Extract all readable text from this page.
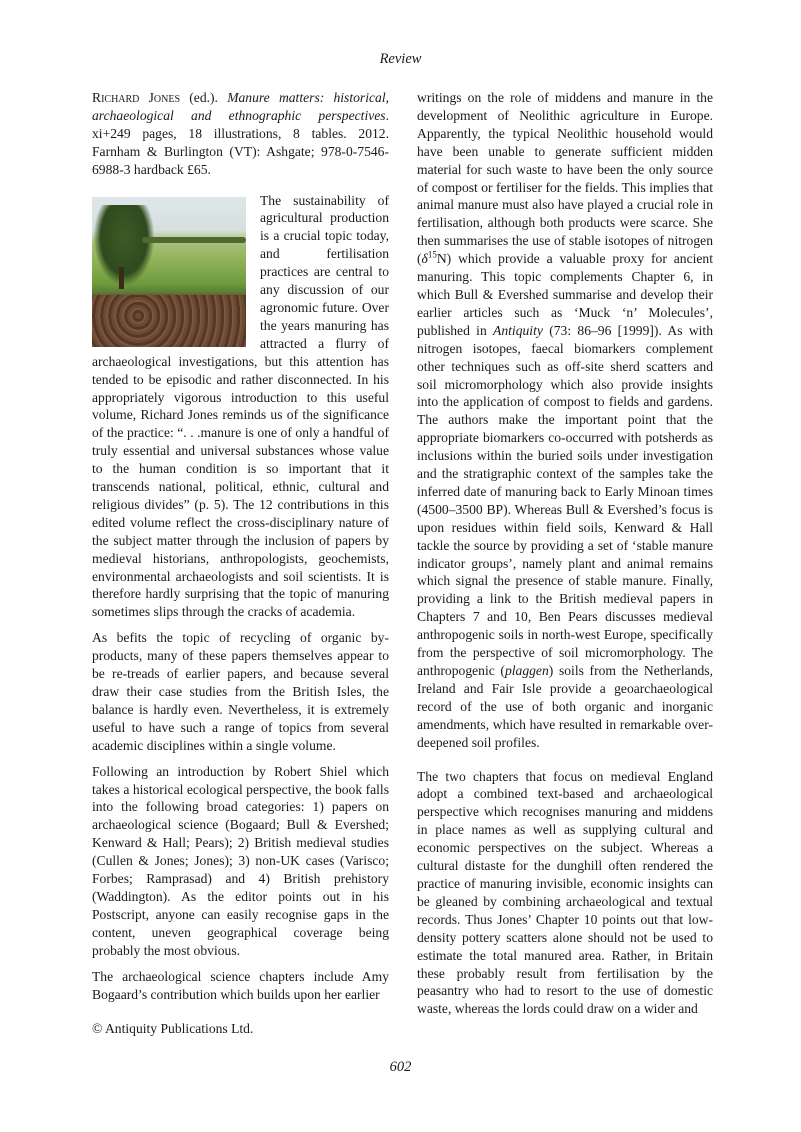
Review

Richard Jones (ed.). Manure matters: historical, archaeological and ethnographic perspectives. xi+249 pages, 18 illustrations, 8 tables. 2012. Farnham & Burlington (VT): Ashgate; 978-0-7546-6988-3 hardback £65.

The sustainability of agricultural production is a crucial topic today, and fertilisation practices are central to any discussion of our agronomic future. Over the years manuring has attracted a flurry of archaeological investigations, but this attention has tended to be episodic and rather disconnected. In his appropriately vigorous introduction to this useful volume, Richard Jones reminds us of the significance of the practice: “. . .manure is one of only a handful of truly essential and universal substances whose value to the human condition is so important that it transcends national, political, ethnic, cultural and religious divides” (p. 5). The 12 contributions in this edited volume reflect the cross-disciplinary nature of the subject matter through the inclusion of papers by medieval historians, anthropologists, geochemists, environmental archaeologists and soil scientists. It is therefore hardly surprising that the topic of manuring sometimes slips through the cracks of academia.

As befits the topic of recycling of organic by-products, many of these papers themselves appear to be re-treads of earlier papers, and because several draw their case studies from the British Isles, the balance is hardly even. Nevertheless, it is extremely useful to have such a range of topics from several academic disciplines within a single volume.

Following an introduction by Robert Shiel which takes a historical ecological perspective, the book falls into the following broad categories: 1) papers on archaeological science (Bogaard; Bull & Evershed; Kenward & Hall; Pears); 2) British medieval studies (Cullen & Jones; Jones); 3) non-UK cases (Varisco; Forbes; Ramprasad) and 4) British prehistory (Waddington). As the editor points out in his Postscript, anyone can easily recognise gaps in the content, uneven geographical coverage being probably the most obvious.

The archaeological science chapters include Amy Bogaard’s contribution which builds upon her earlier

writings on the role of middens and manure in the development of Neolithic agriculture in Europe. Apparently, the typical Neolithic household would have been unable to generate sufficient midden material for such waste to have been the only source of compost or fertiliser for the fields. This implies that animal manure must also have played a crucial role in fertilisation, although both products were scarce. She then summarises the use of stable isotopes of nitrogen $(\delta^{15}N)$ which provide a valuable proxy for ancient manuring. This topic complements Chapter 6, in which Bull & Evershed summarise and develop their earlier articles such as ‘Muck ‘n’ Molecules’, published in Antiquity (73: 86–96 [1999]). As with nitrogen isotopes, faecal biomarkers complement other techniques such as off-site sherd scatters and soil micromorphology which also provide insights into the application of compost to fields and gardens. The authors make the important point that the appropriate biomarkers co-occurred with potsherds as inclusions within the buried soils under investigation and the stratigraphic context of the samples take the inferred date of manuring back to Early Minoan times (4500–3500 BP). Whereas Bull & Evershed’s focus is upon residues within field soils, Kenward & Hall tackle the source by providing a set of ‘stable manure indicator groups’, namely plant and animal remains which signal the presence of stable manure. Finally, providing a link to the British medieval papers in Chapters 7 and 10, Ben Pears discusses medieval anthropogenic soils in north-west Europe, specifically from the perspective of soil micromorphology. The anthropogenic (plaggen) soils from the Netherlands, Ireland and Fair Isle provide a geoarchaeological record of the use of both organic and inorganic amendments, which have resulted in remarkable over-deepened soil profiles.

The two chapters that focus on medieval England adopt a combined text-based and archaeological perspective which recognises manuring and middens in place names as well as supplying cultural and economic perspectives on the subject. Whereas a cultural distaste for the dunghill often rendered the practice of manuring invisible, economic insights can be gleaned by combining archaeological and textual records. Thus Jones’ Chapter 10 points out that low-density pottery scatters alone should not be used to estimate the total manured area. Rather, in Britain these probably result from fertilisation by the peasantry who had to resort to the use of domestic waste, whereas the lords could draw on a wider and

© Antiquity Publications Ltd.
602
